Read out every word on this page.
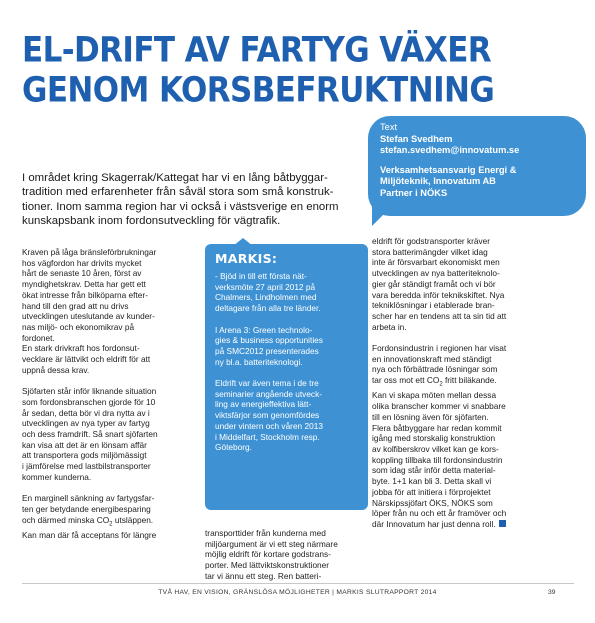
EL-DRIFT AV FARTYG VÄXER
GENOM KORSBEFRUKTNING
Text
Stefan Svedhem
stefan.svedhem@innovatum.se
Verksamhetsansvarig Energi &
Miljöteknik, Innovatum AB
Partner i NÖKS
I området kring Skagerrak/Kattegat har vi en lång båtbyggar-
tradition med erfarenheter från såväl stora som små konstruk-
tioner. Inom samma region har vi också i västsverige en enorm
kunskapsbank inom fordonsutveckling för vägtrafik.

Kraven på låga bränsleförbrukningar
hos vägfordon har drivits mycket
hårt de senaste 10 åren, först av
myndighetskrav. Detta har gett ett
ökat intresse från bilköparna efter-
hand till den grad att nu drivs
utvecklingen uteslutande av kunder-
nas miljö- och ekonomikrav på
fordonet.
En stark drivkraft hos fordonsut-
vecklare är lättvikt och eldrift för att
uppnå dessa krav.

Sjöfarten står inför liknande situation
som fordonsbranschen gjorde för 10
år sedan, detta bör vi dra nytta av i
utvecklingen av nya typer av fartyg
och dess framdrift. Så snart sjöfarten
kan visa att det är en lönsam affär
att transportera gods miljömässigt
i jämförelse med lastbilstransporter
kommer kunderna.

En marginell sänkning av fartygsfar-
ten ger betydande energibesparing
och därmed minska $CO_2$ utsläppen.
Kan man där få acceptans för längre

MARKIS:

- Bjöd in till ett första nät-
verksmöte 27 april 2012 på
Chalmers, Lindholmen med
deltagare från alla tre länder.

I Arena 3: Green technolo-
gies & business opportunities
på SMC2012 presenterades
ny bl.a. batteriteknologi.

Eldrift var även tema i de tre
seminarier angående utveck-
ling av energieffektiva lätt-
viktsfärjor som genomfördes
under vintern och våren 2013
i Middelfart, Stockholm resp.
Göteborg.

transporttider från kunderna med
miljöargument är vi ett steg närmare
möjlig eldrift för kortare godstrans-
porter. Med lättviktskonstruktioner
tar vi ännu ett steg. Ren batteri-

eldrift för godstransporter kräver
stora batterimängder vilket idag
inte är försvarbart ekonomiskt men
utvecklingen av nya batteriteknolo-
gier går ständigt framåt och vi bör
vara beredda inför teknikskiftet. Nya
tekniklösningar i etablerade bran-
scher har en tendens att ta sin tid att
arbeta in.

Fordonsindustrin i regionen har visat
en innovationskraft med ständigt
nya och förbättrade lösningar som
tar oss mot ett $CO_2$ fritt biläkande.
Kan vi skapa möten mellan dessa
olika branscher kommer vi snabbare
till en lösning även för sjöfarten.
Flera båtbyggare har redan kommit
igång med storskalig konstruktion
av kolfiberskrov vilket kan ge kors-
koppling tillbaka till fordonsindustrin
som idag står inför detta material-
byte. 1+1 kan bli 3. Detta skall vi
jobba för att initiera i förprojektet
Närskipssjöfart ÖKS, NÖKS som
löper från nu och ett år framöver och
där Innovatum har just denna roll.

TVÅ HAV, EN VISION, GRÄNSLÖSA MÖJLIGHETER | MARKIS SLUTRAPPORT 2014	39
